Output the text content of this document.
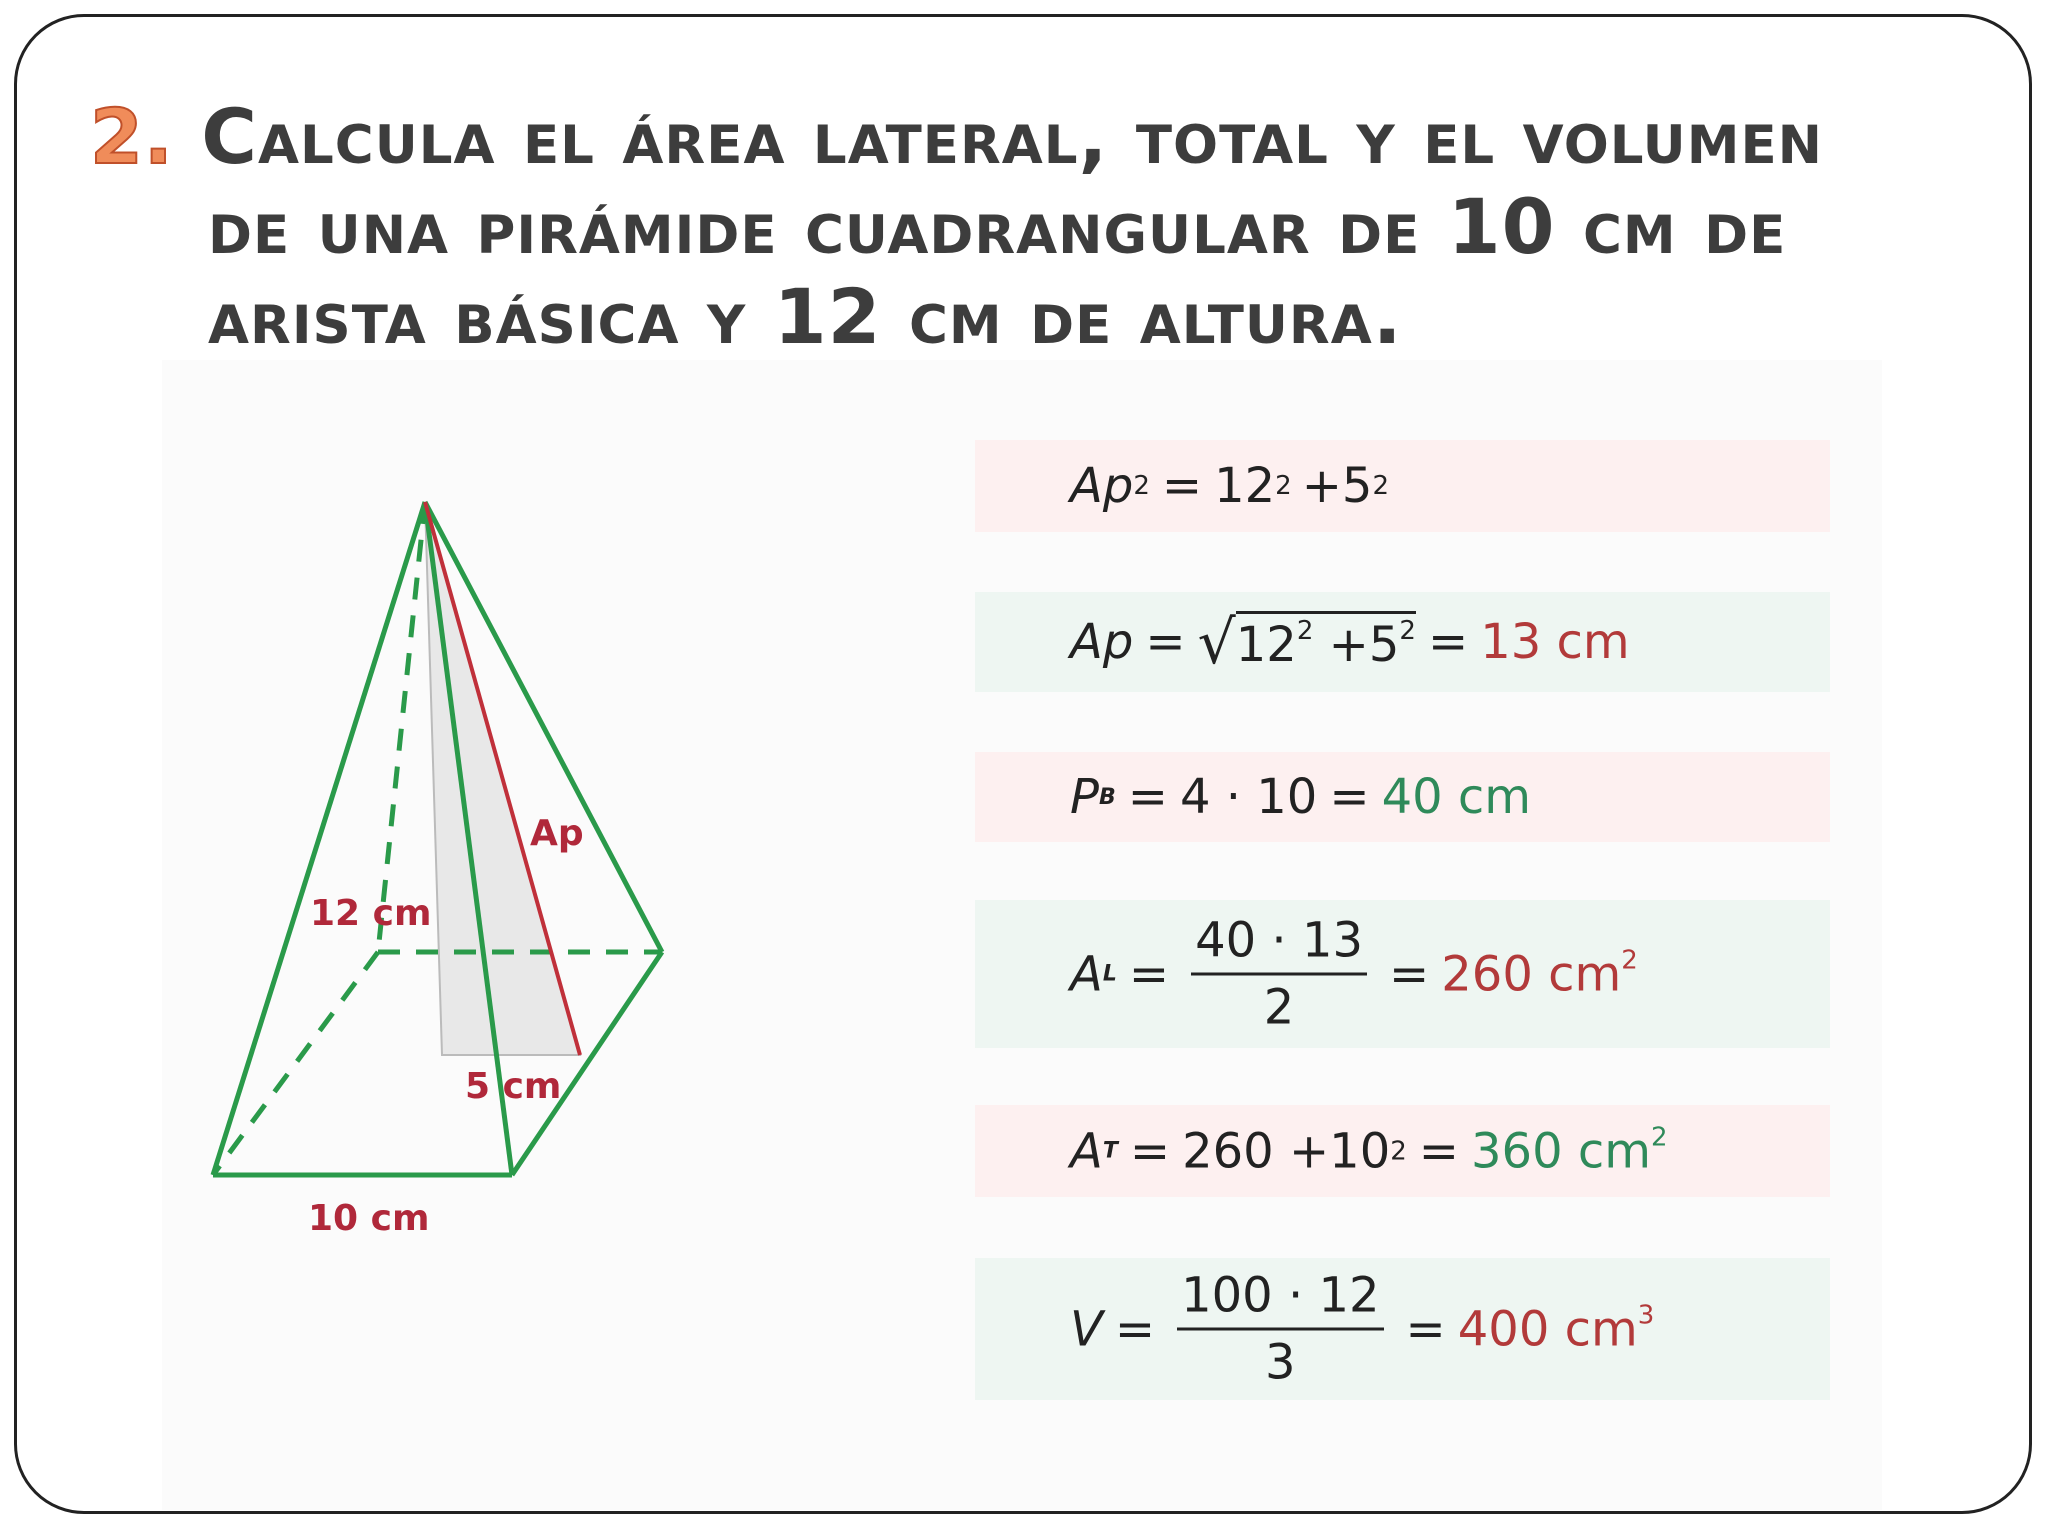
2. Calcula el área lateral, total y el volumen
de una pirámide cuadrangular de 10 cm de
arista básica y 12 cm de altura.
12 cm
Ap
5 cm
10 cm
Ap 2 = 12 2 +5 2
Ap = √ $12^2 +5^2 = 13$ cm
P B = 4 · 10 = 40 cm
A $L = \frac{40 \cdot 13}{2} = 260$ $cm^2$
A T = 260 +10 2 = 360 $cm^2$
$V = \frac{100 \cdot 12}{3} = 400$ $cm^3$
